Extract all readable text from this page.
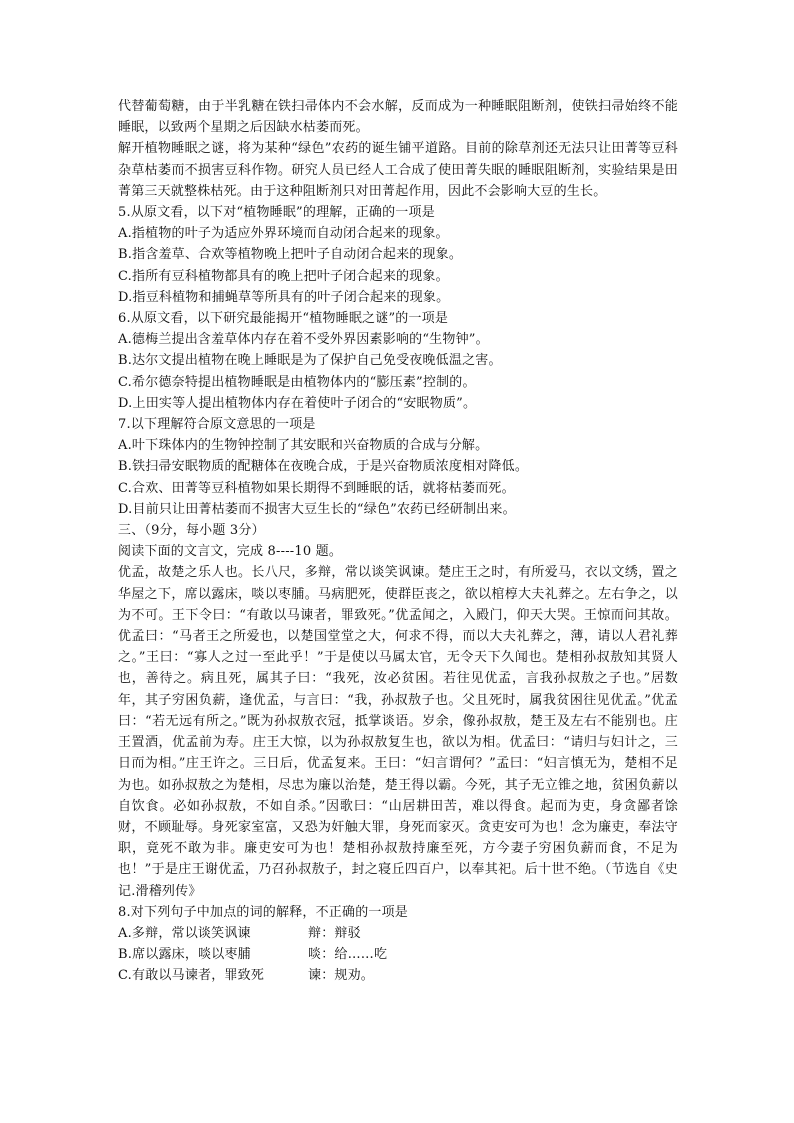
代替葡萄糖，由于半乳糖在铁扫帚体内不会水解，反而成为一种睡眠阻断剂，使铁扫帚始终不能睡眠，以致两个星期之后因缺水枯萎而死。

解开植物睡眠之谜，将为某种“绿色”农药的诞生铺平道路。目前的除草剂还无法只让田菁等豆科杂草枯萎而不损害豆科作物。研究人员已经人工合成了使田菁失眠的睡眠阻断剂，实验结果是田菁第三天就整株枯死。由于这种阻断剂只对田菁起作用，因此不会影响大豆的生长。

5.从原文看，以下对“植物睡眠”的理解，正确的一项是

A.指植物的叶子为适应外界环境而自动闭合起来的现象。

B.指含羞草、合欢等植物晚上把叶子自动闭合起来的现象。

C.指所有豆科植物都具有的晚上把叶子闭合起来的现象。

D.指豆科植物和捕蝇草等所具有的叶子闭合起来的现象。

6.从原文看，以下研究最能揭开“植物睡眠之谜”的一项是

A.德梅兰提出含羞草体内存在着不受外界因素影响的“生物钟”。

B.达尔文提出植物在晚上睡眠是为了保护自己免受夜晚低温之害。

C.希尔德奈特提出植物睡眠是由植物体内的“膨压素”控制的。

D.上田实等人提出植物体内存在着使叶子闭合的“安眠物质”。

7.以下理解符合原文意思的一项是

A.叶下珠体内的生物钟控制了其安眠和兴奋物质的合成与分解。

B.铁扫帚安眠物质的配糖体在夜晚合成，于是兴奋物质浓度相对降低。

C.合欢、田菁等豆科植物如果长期得不到睡眠的话，就将枯萎而死。

D.目前只让田菁枯萎而不损害大豆生长的“绿色”农药已经研制出来。

三、（9分，每小题 3分）

阅读下面的文言文，完成 8----10 题。

优孟，故楚之乐人也。长八尺，多辩，常以谈笑讽谏。楚庄王之时，有所爱马，衣以文绣，置之华屋之下，席以露床，啖以枣脯。马病肥死，使群臣丧之，欲以棺椁大夫礼葬之。左右争之，以为不可。王下令曰：“有敢以马谏者，罪致死。”优孟闻之，入殿门，仰天大哭。王惊而问其故。优孟曰：“马者王之所爱也，以楚国堂堂之大，何求不得，而以大夫礼葬之，薄，请以人君礼葬之。”王曰：“寡人之过一至此乎！”于是使以马属太官，无令天下久闻也。楚相孙叔敖知其贤人也，善待之。病且死，属其子曰：“我死，汝必贫困。若往见优孟，言我孙叔敖之子也。”居数年，其子穷困负薪，逢优孟，与言曰：“我，孙叔敖子也。父且死时，属我贫困往见优孟。”优孟曰：“若无远有所之。”既为孙叔敖衣冠，抵掌谈语。岁余，像孙叔敖，楚王及左右不能别也。庄王置酒，优孟前为寿。庄王大惊，以为孙叔敖复生也，欲以为相。优孟曰：“请归与妇计之，三日而为相。”庄王许之。三日后，优孟复来。王曰：“妇言谓何？”孟曰：“妇言慎无为，楚相不足为也。如孙叔敖之为楚相，尽忠为廉以治楚，楚王得以霸。今死，其子无立锥之地，贫困负薪以自饮食。必如孙叔敖，不如自杀。”因歌曰：“山居耕田苦，难以得食。起而为吏，身贪鄙者馀财，不顾耻辱。身死家室富，又恐为奸触大罪，身死而家灭。贪吏安可为也！念为廉吏，奉法守职，竟死不敢为非。廉吏安可为也！楚相孙叔敖持廉至死，方今妻子穷困负薪而食，不足为也！”于是庄王谢优孟，乃召孙叔敖子，封之寝丘四百户，以奉其祀。后十世不绝。（节选自《史记.滑稽列传》

8.对下列句子中加点的词的解释，不正确的一项是

A.多辩，常以谈笑讽谏	辩：辩驳
B.席以露床，啖以枣脯	啖：给……吃
C.有敢以马谏者，罪致死	谏：规劝。
